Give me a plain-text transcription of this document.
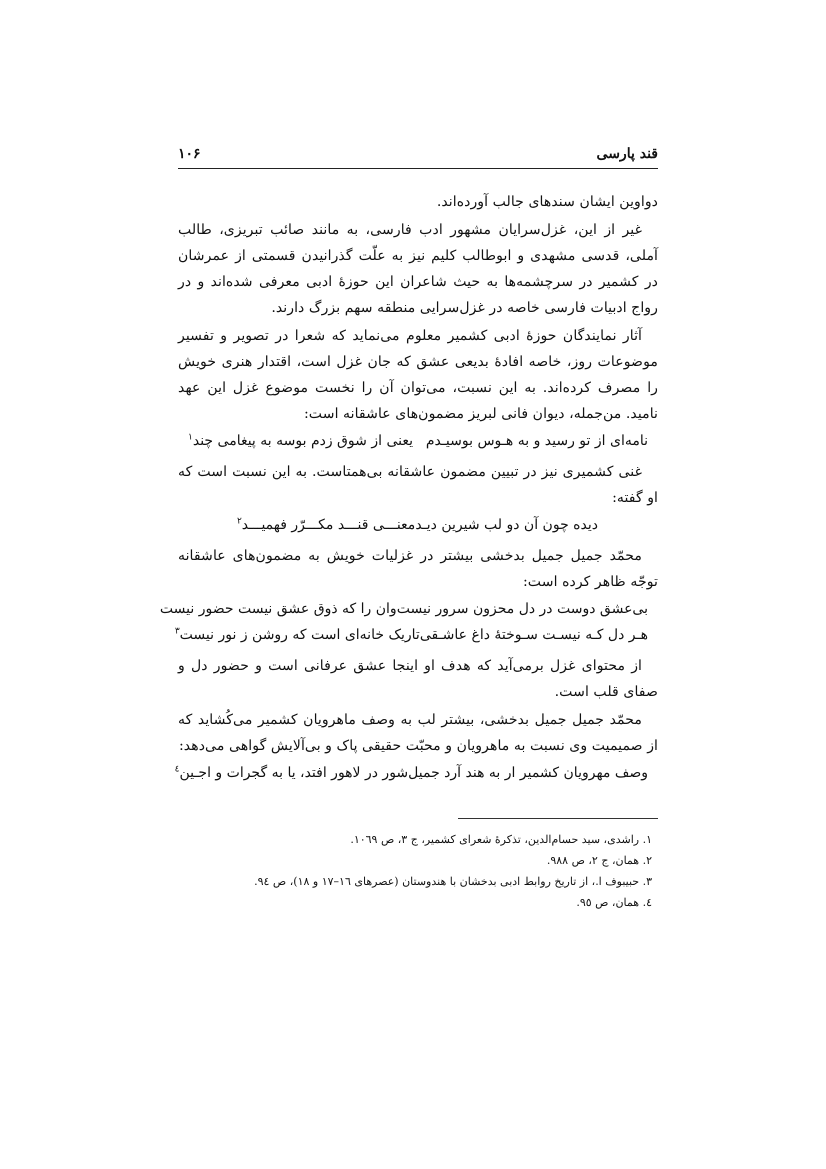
قند پارسی
۱۰۶

دواوین ایشان سندهای جالب آورده‌اند.

غیر از این، غزل‌سرایان مشهور ادب فارسی، به مانند صائب تبریزی، طالب آملی، قدسی مشهدی و ابوطالب کلیم نیز به علّت گذرانیدن قسمتی از عمرشان در کشمیر در سرچشمه‌ها به حیث شاعران این حوزهٔ ادبی معرفی شده‌اند و در رواج ادبیات فارسی خاصه در غزل‌سرایی منطقه سهم بزرگ دارند.

آثار نمایندگان حوزهٔ ادبی کشمیر معلوم می‌نماید که شعرا در تصویر و تفسیر موضوعات روز، خاصه افادهٔ بدیعی عشق که جان غزل است، اقتدار هنری خویش را مصرف کرده‌اند. به این نسبت، می‌توان آن را نخست موضوع غزل این عهد نامید. من‌جمله، دیوان فانی لبریز مضمون‌های عاشقانه است:

نامه‌ای از تو رسید و به هـوس بوسیـدم
یعنی از شوق زدم بوسه به پیغامی چند$^۱$

غنی کشمیری نیز در تبیین مضمون عاشقانه بی‌همتاست. به این نسبت است که او گفته:

دیده چون آن دو لب شیرین دیـد
معنـــی قنـــد مکـــرّر فهمیـــد$^۲$

محمّد جمیل جمیل بدخشی بیشتر در غزلیات خویش به مضمون‌های عاشقانه توجّه ظاهر کرده است:

بی‌عشق دوست در دل محزون سرور نیست
وان را که ذوق عشق نیست حضور نیست
هـر دل کـه نیسـت سـوختهٔ داغ عاشـقی
تاریک خانه‌ای است که روشن ز نور نیست$^۳$

از محتوای غزل برمی‌آید که هدف او اینجا عشق عرفانی است و حضور دل و صفای قلب است.

محمّد جمیل جمیل بدخشی، بیشتر لب به وصف ماهرویان کشمیر می‌کُشاید که از صمیمیت وی نسبت به ماهرویان و محبّت حقیقی پاک و بی‌آلایش گواهی می‌دهد:

وصف مهرویان کشمیر ار به هند آرد جمیل
شور در لاهور افتد، یا به گجرات و اجـین$^٤$
۱. راشدی، سید حسام‌الدین، تذکرهٔ شعرای کشمیر، ج ۳، ص ۱۰٦۹.
۲. همان، ج ۲، ص ۹۸۸.
۳. حبیبوف ا.، از تاریخ روابط ادبی بدخشان با هندوستان (عصرهای ۱٦–۱۷ و ۱۸)، ص ٩٤.
٤. همان، ص ٩٥.
